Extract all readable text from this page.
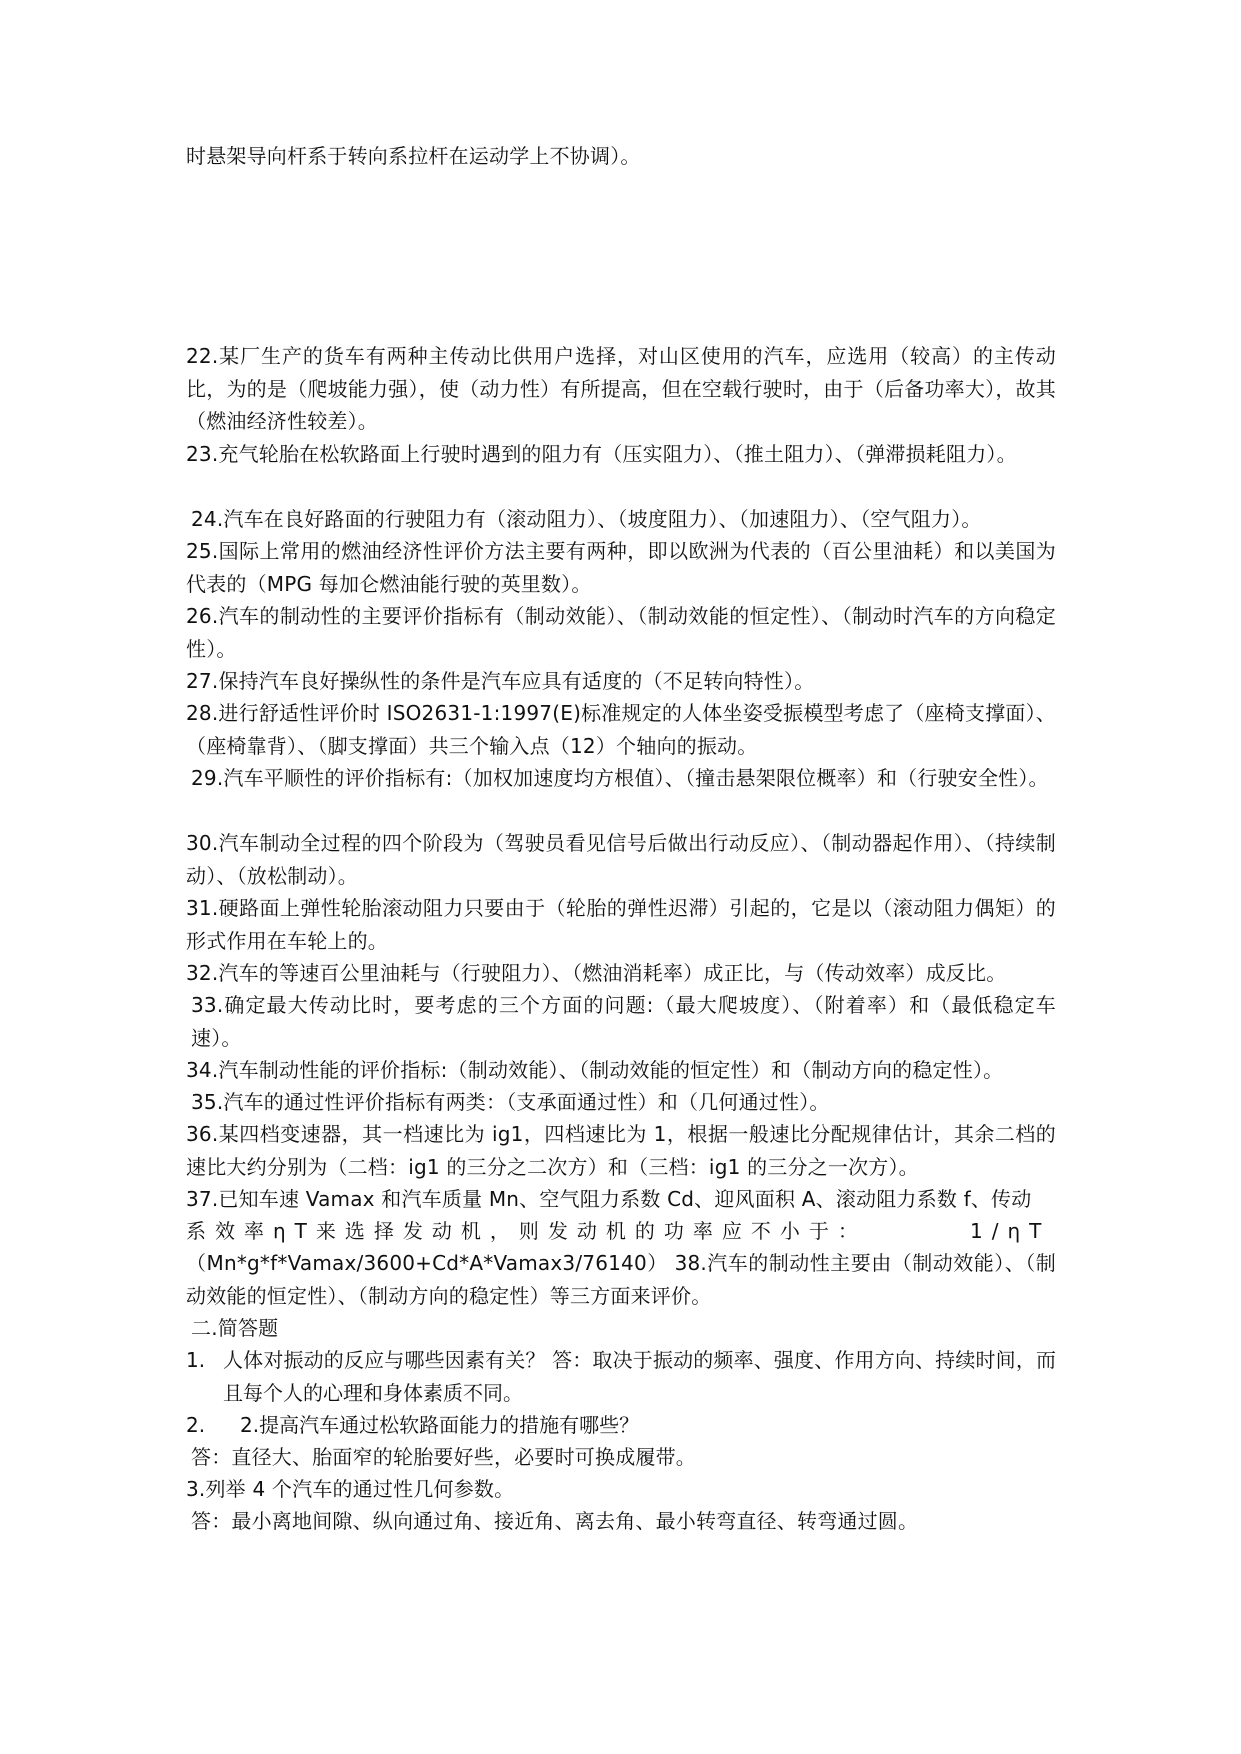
时悬架导向杆系于转向系拉杆在运动学上不协调）。
22.某厂生产的货车有两种主传动比供用户选择，对山区使用的汽车，应选用（较高）的主传动比，为的是（爬坡能力强），使（动力性）有所提高，但在空载行驶时，由于（后备功率大），故其（燃油经济性较差）。
23.充气轮胎在松软路面上行驶时遇到的阻力有（压实阻力）、（推土阻力）、（弹滞损耗阻力）。
24.汽车在良好路面的行驶阻力有（滚动阻力）、（坡度阻力）、（加速阻力）、（空气阻力）。
25.国际上常用的燃油经济性评价方法主要有两种，即以欧洲为代表的（百公里油耗）和以美国为代表的（MPG 每加仑燃油能行驶的英里数）。
26.汽车的制动性的主要评价指标有（制动效能）、（制动效能的恒定性）、（制动时汽车的方向稳定性）。
27.保持汽车良好操纵性的条件是汽车应具有适度的（不足转向特性）。
28.进行舒适性评价时 ISO2631-1:1997(E)标准规定的人体坐姿受振模型考虑了（座椅支撑面）、（座椅靠背）、（脚支撑面）共三个输入点（12）个轴向的振动。
29.汽车平顺性的评价指标有:（加权加速度均方根值）、（撞击悬架限位概率）和（行驶安全性）。
30.汽车制动全过程的四个阶段为（驾驶员看见信号后做出行动反应）、（制动器起作用）、（持续制动）、（放松制动）。
31.硬路面上弹性轮胎滚动阻力只要由于（轮胎的弹性迟滞）引起的，它是以（滚动阻力偶矩）的形式作用在车轮上的。
32.汽车的等速百公里油耗与（行驶阻力）、（燃油消耗率）成正比，与（传动效率）成反比。
33.确定最大传动比时，要考虑的三个方面的问题:（最大爬坡度）、（附着率）和（最低稳定车速）。
34.汽车制动性能的评价指标:（制动效能）、（制动效能的恒定性）和（制动方向的稳定性）。
35.汽车的通过性评价指标有两类：（支承面通过性）和（几何通过性）。
36.某四档变速器，其一档速比为 ig1，四档速比为 1，根据一般速比分配规律估计，其余二档的速比大约分别为（二档：ig1 的三分之二次方）和（三档：ig1 的三分之一次方）。
37.已知车速 Vamax 和汽车质量 Mn、空气阻力系数 Cd、迎风面积 A、滚动阻力系数 f、传动
系效率ηT来选择发动机，则发动机的功率应不小于：	1/ηT
（Mn*g*f*Vamax/3600+Cd*A*Vamax3/76140） 38.汽车的制动性主要由（制动效能）、（制动效能的恒定性）、（制动方向的稳定性）等三方面来评价。
二.简答题
1. 人体对振动的反应与哪些因素有关？ 答：取决于振动的频率、强度、作用方向、持续时间，而且每个人的心理和身体素质不同。
2. 2.提高汽车通过松软路面能力的措施有哪些？
答：直径大、胎面窄的轮胎要好些，必要时可换成履带。
3.列举 4 个汽车的通过性几何参数。
答：最小离地间隙、纵向通过角、接近角、离去角、最小转弯直径、转弯通过圆。
